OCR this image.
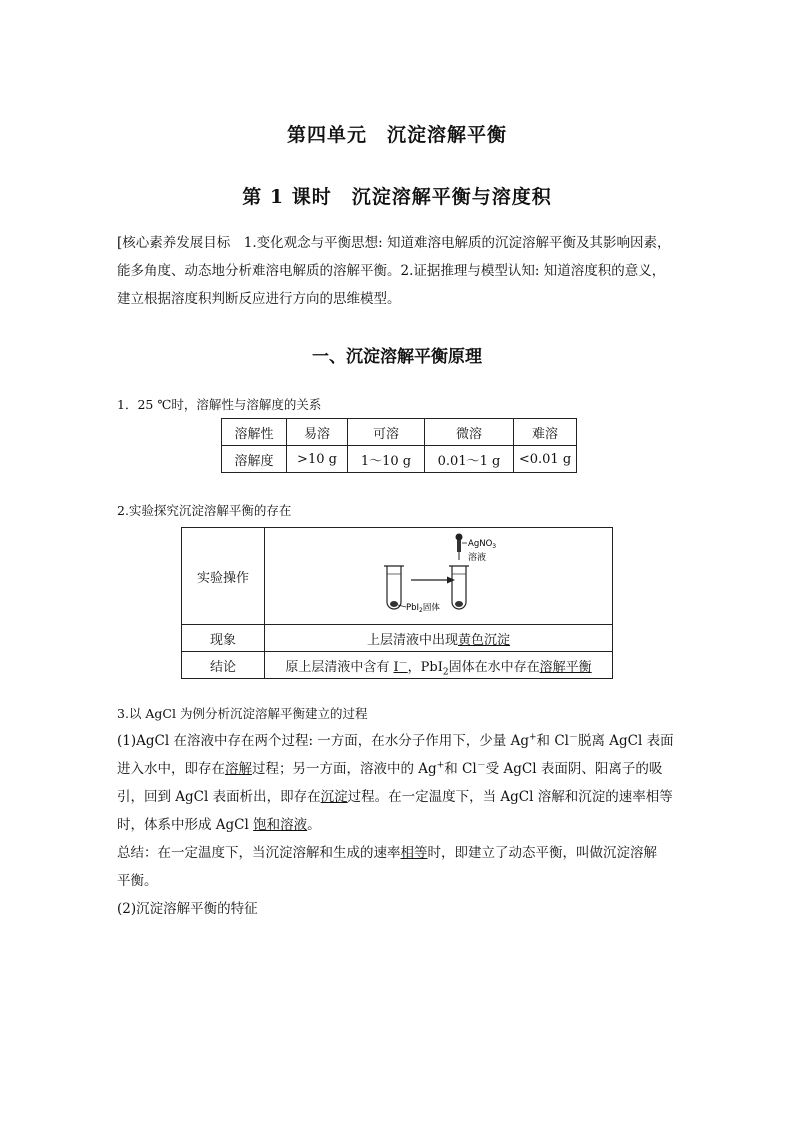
第四单元　沉淀溶解平衡
第 1 课时　沉淀溶解平衡与溶度积
[核心素养发展目标　 1.变化观念与平衡思想: 知道难溶电解质的沉淀溶解平衡及其影响因素，
能多角度、动态地分析难溶电解质的溶解平衡。2.证据推理与模型认知: 知道溶度积的意义，
建立根据溶度积判断反应进行方向的思维模型。
一、沉淀溶解平衡原理
1．25 ℃时，溶解性与溶解度的关系
溶解性	易溶	可溶	微溶	难溶
溶解度	>10 g	1～10 g	0.01～1 g	<0.01 g
2.实验探究沉淀溶解平衡的存在
实验操作	AgNO$_3$
溶液
PbI$_2$固体

现象	上层清液中出现黄色沉淀
结论	原上层清液中含有 I－，PbI$_2$固体在水中存在溶解平衡
3.以 AgCl 为例分析沉淀溶解平衡建立的过程
(1)AgCl 在溶液中存在两个过程: 一方面，在水分子作用下，少量 Ag+和 Cl－脱离 AgCl 表面
进入水中，即存在溶解过程；另一方面，溶液中的 Ag+和 Cl－受 AgCl 表面阴、阳离子的吸
引，回到 AgCl 表面析出，即存在沉淀过程。在一定温度下，当 AgCl 溶解和沉淀的速率相等
时，体系中形成 AgCl 饱和溶液。
总结：在一定温度下，当沉淀溶解和生成的速率相等时，即建立了动态平衡，叫做沉淀溶解
平衡。
(2)沉淀溶解平衡的特征
